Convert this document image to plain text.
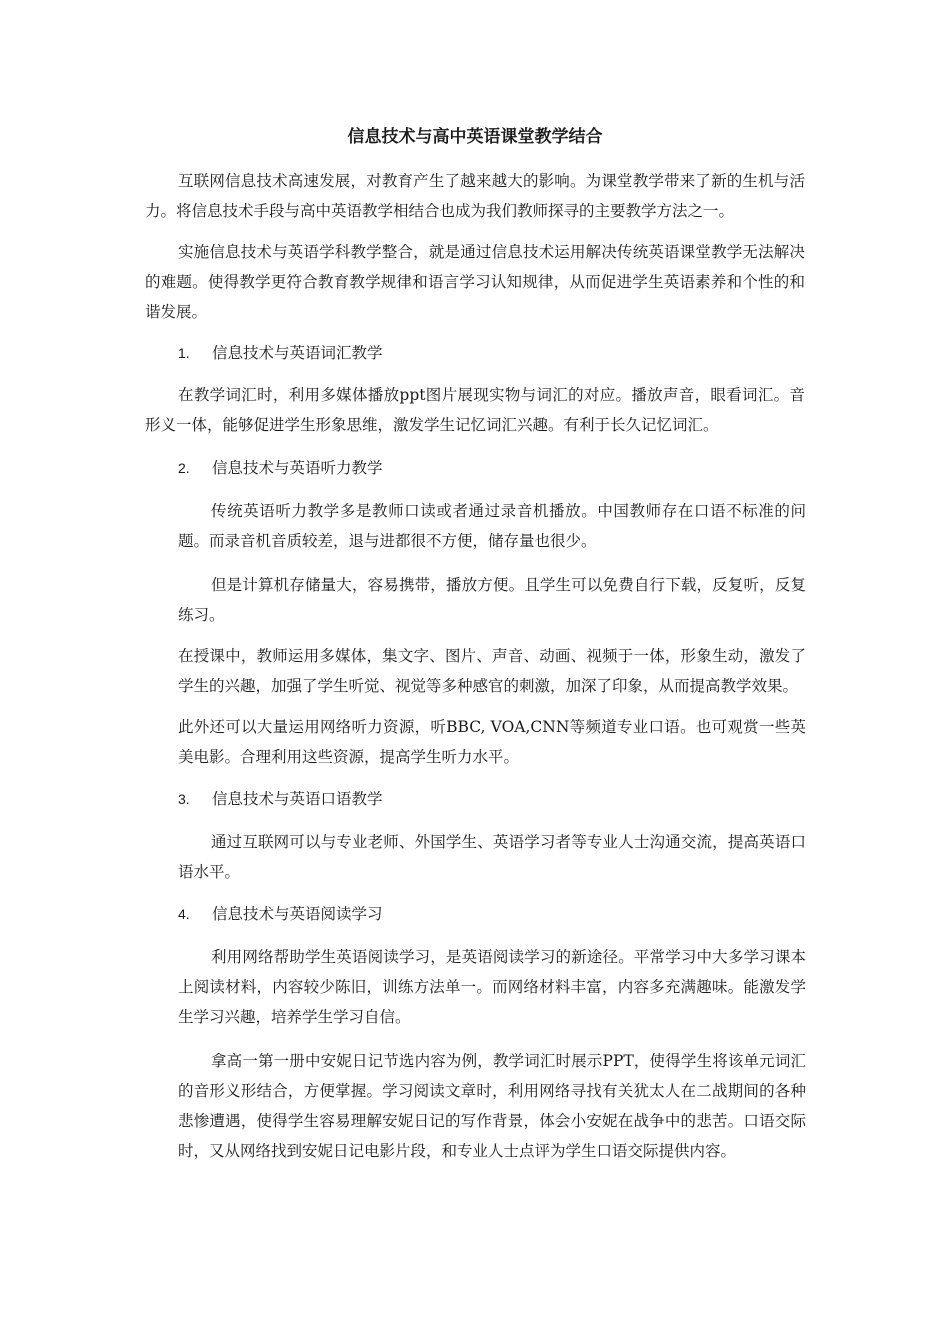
信息技术与高中英语课堂教学结合

互联网信息技术高速发展，对教育产生了越来越大的影响。为课堂教学带来了新的生机与活力。将信息技术手段与高中英语教学相结合也成为我们教师探寻的主要教学方法之一。

实施信息技术与英语学科教学整合，就是通过信息技术运用解决传统英语课堂教学无法解决的难题。使得教学更符合教育教学规律和语言学习认知规律，从而促进学生英语素养和个性的和谐发展。

1. 信息技术与英语词汇教学

在教学词汇时，利用多媒体播放ppt图片展现实物与词汇的对应。播放声音，眼看词汇。音形义一体，能够促进学生形象思维，激发学生记忆词汇兴趣。有利于长久记忆词汇。

2. 信息技术与英语听力教学

传统英语听力教学多是教师口读或者通过录音机播放。中国教师存在口语不标准的问题。而录音机音质较差，退与进都很不方便，储存量也很少。

但是计算机存储量大，容易携带，播放方便。且学生可以免费自行下载，反复听，反复练习。

在授课中，教师运用多媒体，集文字、图片、声音、动画、视频于一体，形象生动，激发了学生的兴趣，加强了学生听觉、视觉等多种感官的刺激，加深了印象，从而提高教学效果。

此外还可以大量运用网络听力资源，听BBC, VOA,CNN等频道专业口语。也可观赏一些英美电影。合理利用这些资源，提高学生听力水平。

3. 信息技术与英语口语教学

通过互联网可以与专业老师、外国学生、英语学习者等专业人士沟通交流，提高英语口语水平。

4. 信息技术与英语阅读学习

利用网络帮助学生英语阅读学习，是英语阅读学习的新途径。平常学习中大多学习课本上阅读材料，内容较少陈旧，训练方法单一。而网络材料丰富，内容多充满趣味。能激发学生学习兴趣，培养学生学习自信。

拿高一第一册中安妮日记节选内容为例，教学词汇时展示PPT，使得学生将该单元词汇的音形义形结合，方便掌握。学习阅读文章时，利用网络寻找有关犹太人在二战期间的各种悲惨遭遇，使得学生容易理解安妮日记的写作背景，体会小安妮在战争中的悲苦。口语交际时，又从网络找到安妮日记电影片段，和专业人士点评为学生口语交际提供内容。
